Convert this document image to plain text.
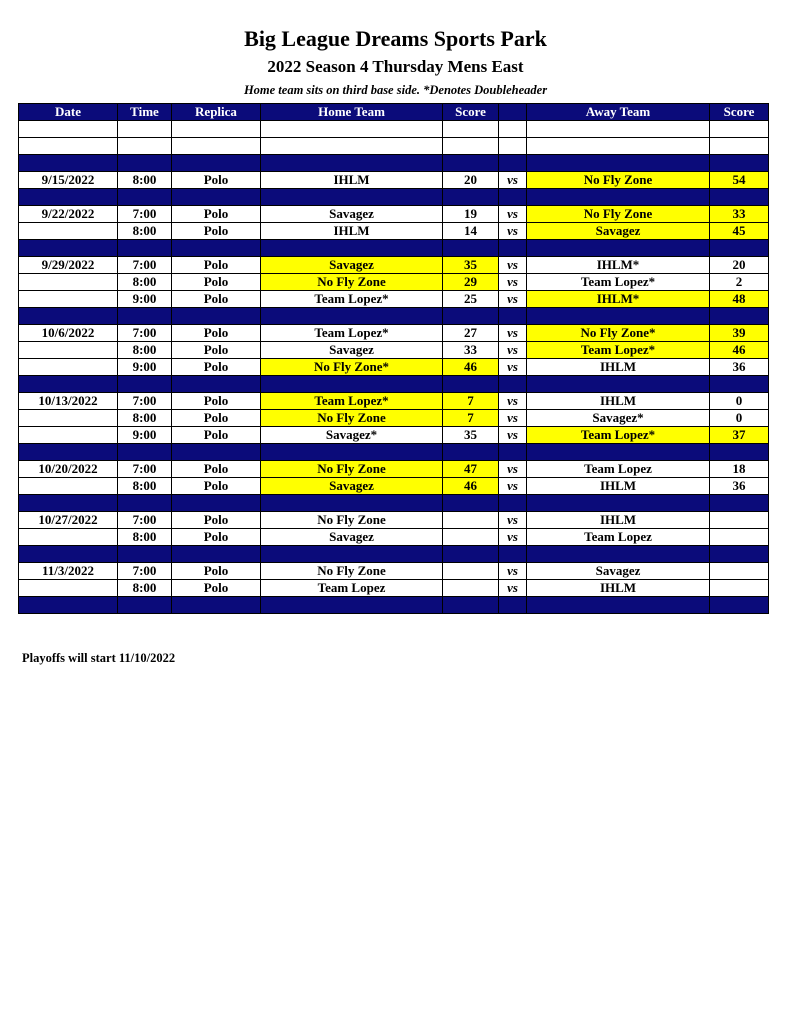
Big League Dreams Sports Park
2022 Season 4 Thursday Mens East
Home team sits on third base side. *Denotes Doubleheader
Date	Time	Replica	Home Team	Score		Away Team	Score

9/15/2022	8:00	Polo	IHLM	20	vs	No Fly Zone	54

9/22/2022	7:00	Polo	Savagez	19	vs	No Fly Zone	33
	8:00	Polo	IHLM	14	vs	Savagez	45

9/29/2022	7:00	Polo	Savagez	35	vs	IHLM*	20
	8:00	Polo	No Fly Zone	29	vs	Team Lopez*	2
	9:00	Polo	Team Lopez*	25	vs	IHLM*	48

10/6/2022	7:00	Polo	Team Lopez*	27	vs	No Fly Zone*	39
	8:00	Polo	Savagez	33	vs	Team Lopez*	46
	9:00	Polo	No Fly Zone*	46	vs	IHLM	36

10/13/2022	7:00	Polo	Team Lopez*	7	vs	IHLM	0
	8:00	Polo	No Fly Zone	7	vs	Savagez*	0
	9:00	Polo	Savagez*	35	vs	Team Lopez*	37

10/20/2022	7:00	Polo	No Fly Zone	47	vs	Team Lopez	18
	8:00	Polo	Savagez	46	vs	IHLM	36

10/27/2022	7:00	Polo	No Fly Zone		vs	IHLM	
	8:00	Polo	Savagez		vs	Team Lopez	

11/3/2022	7:00	Polo	No Fly Zone		vs	Savagez	
	8:00	Polo	Team Lopez		vs	IHLM	

Playoffs will start 11/10/2022
